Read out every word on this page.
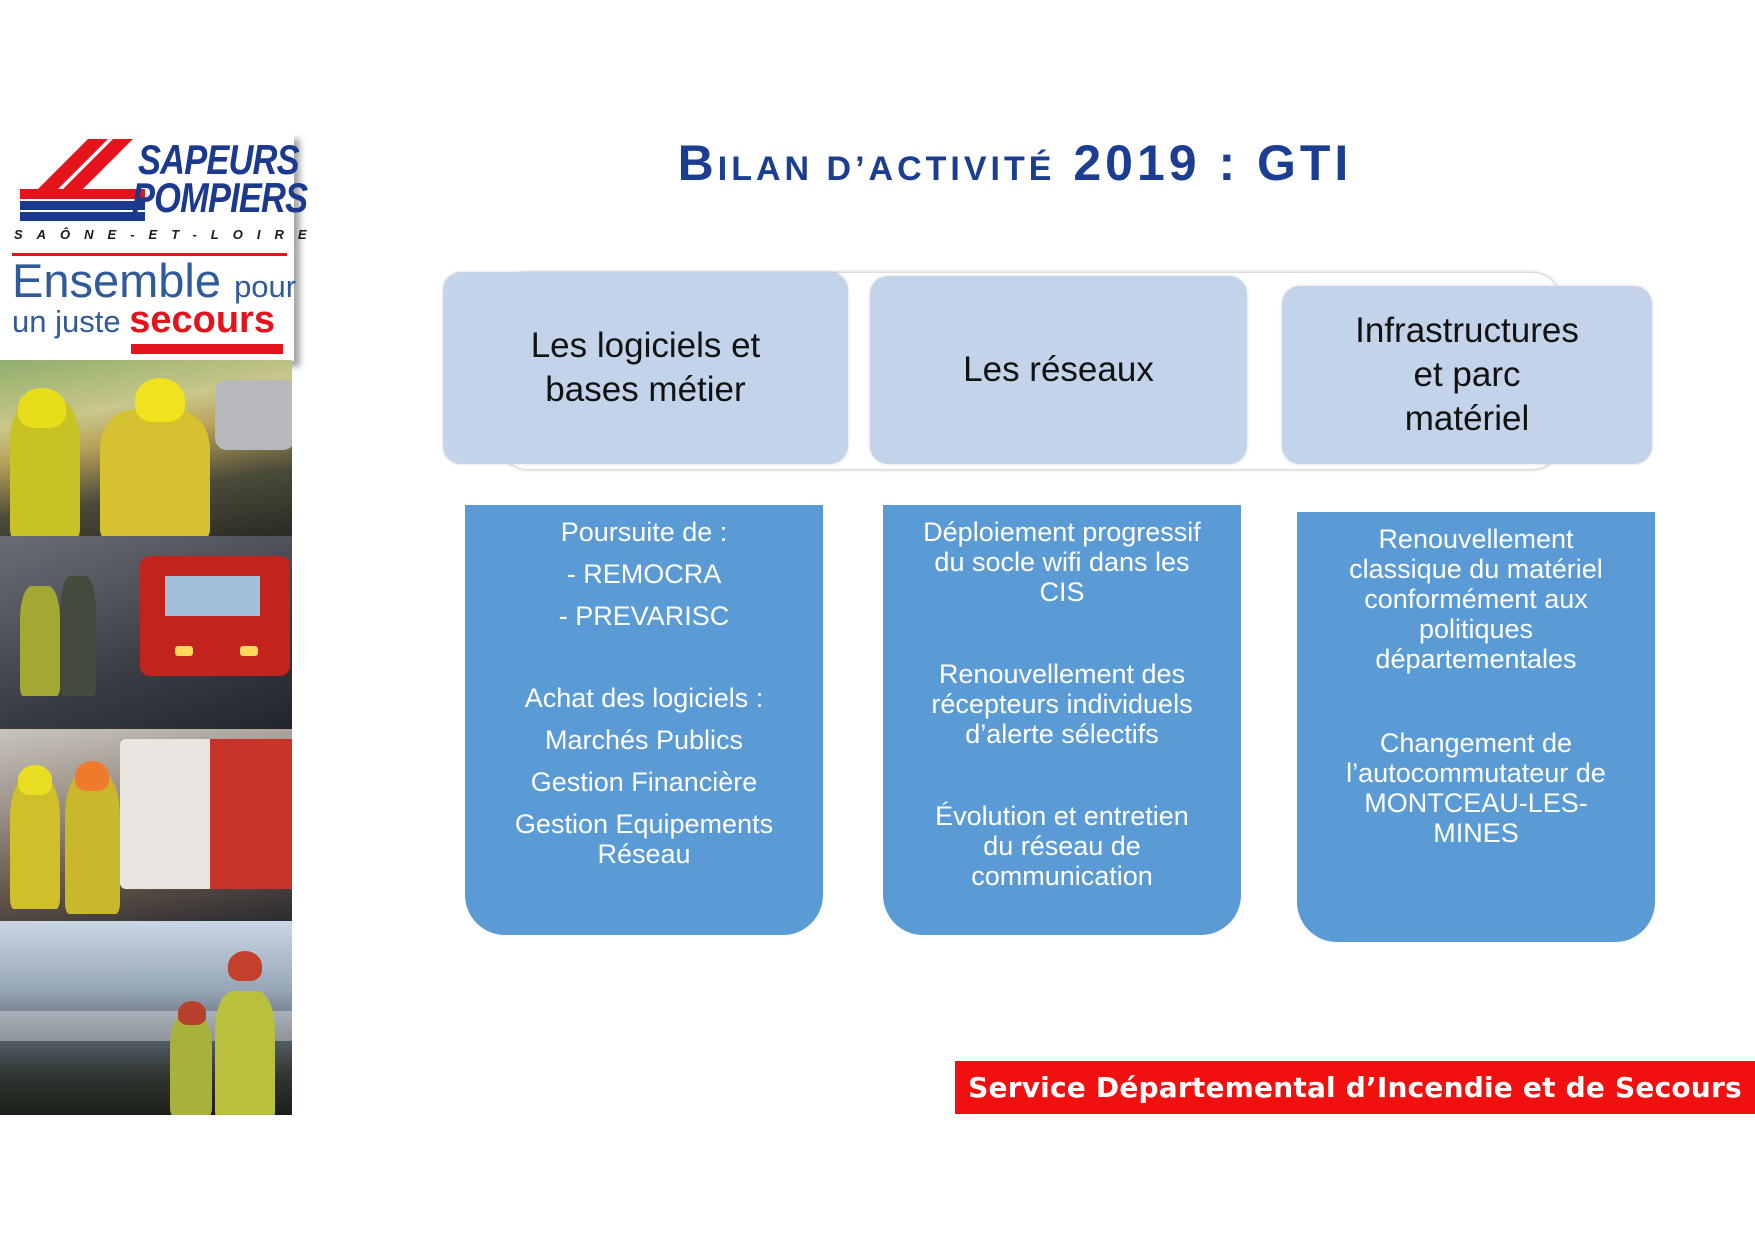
SAPEURS
POMPIERS
SAÔNE-ET-LOIRE
Ensemble pour
un juste secours
BILAN D’ACTIVITÉ 2019 : GTI
Les logiciels et
bases métier
Les réseaux
Infrastructures
et parc
matériel
Poursuite de :
- REMOCRA
- PREVARISC
Achat des logiciels :
Marchés Publics
Gestion Financière
Gestion Equipements
Réseau
Déploiement progressif
du socle wifi dans les
CIS
Renouvellement des
récepteurs individuels
d’alerte sélectifs
Évolution et entretien
du réseau de
communication
Renouvellement
classique du matériel
conformément aux
politiques
départementales
Changement de
l’autocommutateur de
MONTCEAU-LES-
MINES
Service Départemental d’Incendie et de Secours
